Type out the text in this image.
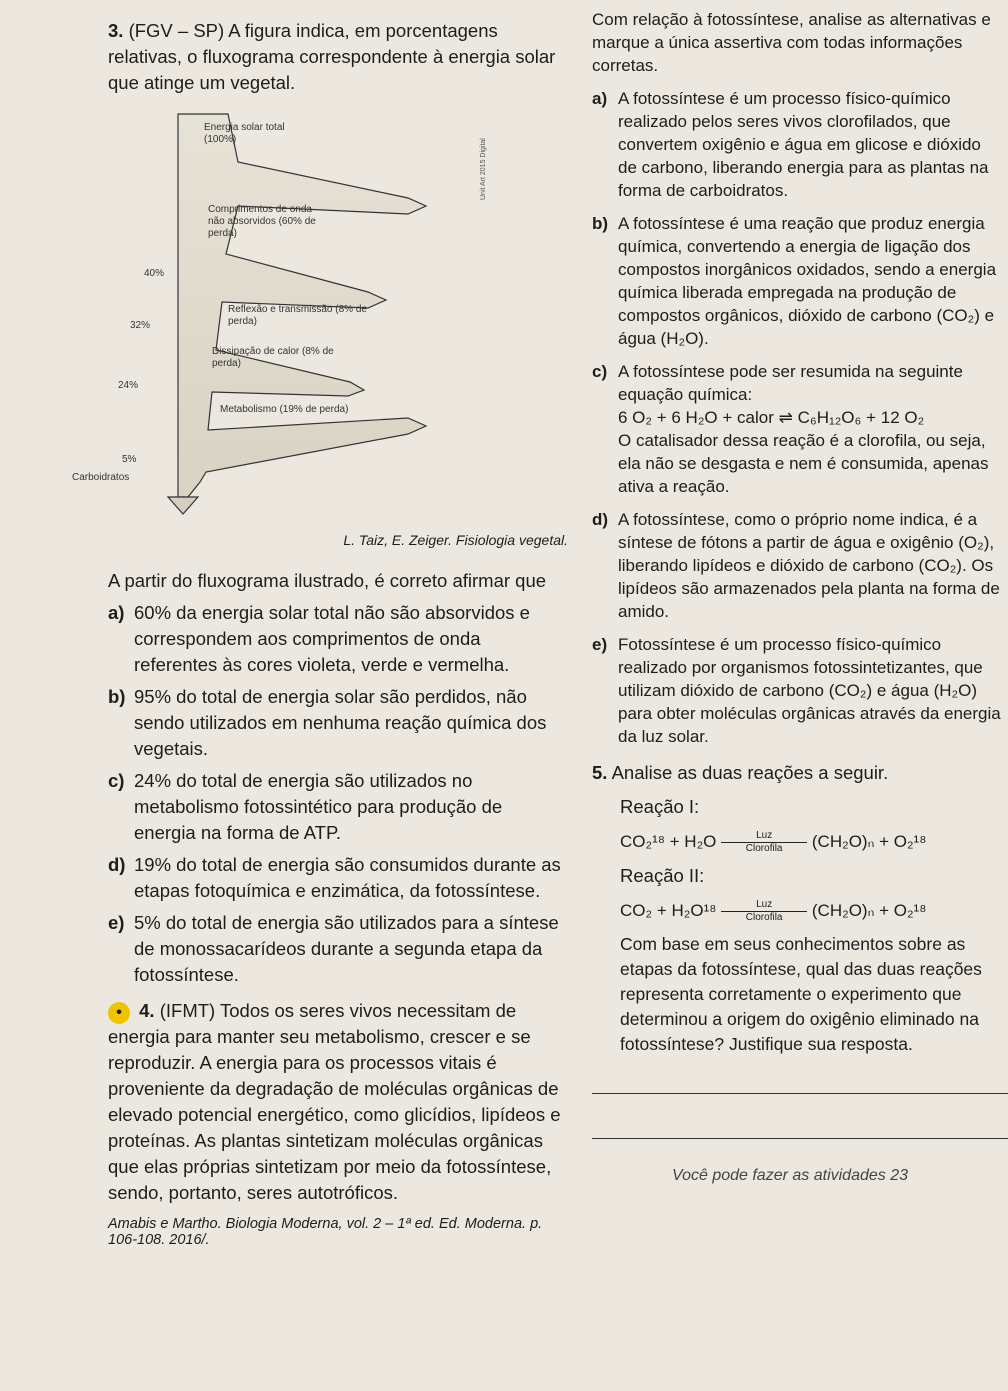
3. (FGV – SP) A figura indica, em porcentagens relativas, o fluxograma correspondente à energia solar que atinge um vegetal.

Energia solar total (100%)
Comprimentos de onda não absorvidos (60% de perda)
40%
Reflexão e transmissão (8% de perda)
32%
Dissipação de calor (8% de perda)
24%
Metabolismo (19% de perda)
5%
Carboidratos
Unit Art 2015 Digital

L. Taiz, E. Zeiger. Fisiologia vegetal.

A partir do fluxograma ilustrado, é correto afirmar que

a) 60% da energia solar total não são absorvidos e correspondem aos comprimentos de onda referentes às cores violeta, verde e vermelha.
b) 95% do total de energia solar são perdidos, não sendo utilizados em nenhuma reação química dos vegetais.
c) 24% do total de energia são utilizados no metabolismo fotossintético para produção de energia na forma de ATP.
d) 19% do total de energia são consumidos durante as etapas fotoquímica e enzimática, da fotossíntese.
e) 5% do total de energia são utilizados para a síntese de monossacarídeos durante a segunda etapa da fotossíntese.

• 4. (IFMT) Todos os seres vivos necessitam de energia para manter seu metabolismo, crescer e se reproduzir. A energia para os processos vitais é proveniente da degradação de moléculas orgânicas de elevado potencial energético, como glicídios, lipídeos e proteínas. As plantas sintetizam moléculas orgânicas que elas próprias sintetizam por meio da fotossíntese, sendo, portanto, seres autotróficos.

Amabis e Martho. Biologia Moderna, vol. 2 – 1ª ed. Ed. Moderna. p. 106-108. 2016/.

Com relação à fotossíntese, analise as alternativas e marque a única assertiva com todas informações corretas.

a) A fotossíntese é um processo físico-químico realizado pelos seres vivos clorofilados, que convertem oxigênio e água em glicose e dióxido de carbono, liberando energia para as plantas na forma de carboidratos.
b) A fotossíntese é uma reação que produz energia química, convertendo a energia de ligação dos compostos inorgânicos oxidados, sendo a energia química liberada empregada na produção de compostos orgânicos, dióxido de carbono (CO₂) e água (H₂O).
c) A fotossíntese pode ser resumida na seguinte equação química:
6 O₂ + 6 H₂O + calor ⇌ C₆H₁₂O₆ + 12 O₂
O catalisador dessa reação é a clorofila, ou seja, ela não se desgasta e nem é consumida, apenas ativa a reação.
d) A fotossíntese, como o próprio nome indica, é a síntese de fótons a partir de água e oxigênio (O₂), liberando lipídeos e dióxido de carbono (CO₂). Os lipídeos são armazenados pela planta na forma de amido.
e) Fotossíntese é um processo físico-químico realizado por organismos fotossintetizantes, que utilizam dióxido de carbono (CO₂) e água (H₂O) para obter moléculas orgânicas através da energia da luz solar.

5. Analise as duas reações a seguir.

Reação I:

CO₂¹⁸ + H₂O	Luz
Clorofila	(CH₂O)ₙ + O₂¹⁸

Reação II:

CO₂ + H₂O¹⁸	Luz
Clorofila	(CH₂O)ₙ + O₂¹⁸

Com base em seus conhecimentos sobre as etapas da fotossíntese, qual das duas reações representa corretamente o experimento que determinou a origem do oxigênio eliminado na fotossíntese? Justifique sua resposta.

Você pode fazer as atividades 23
